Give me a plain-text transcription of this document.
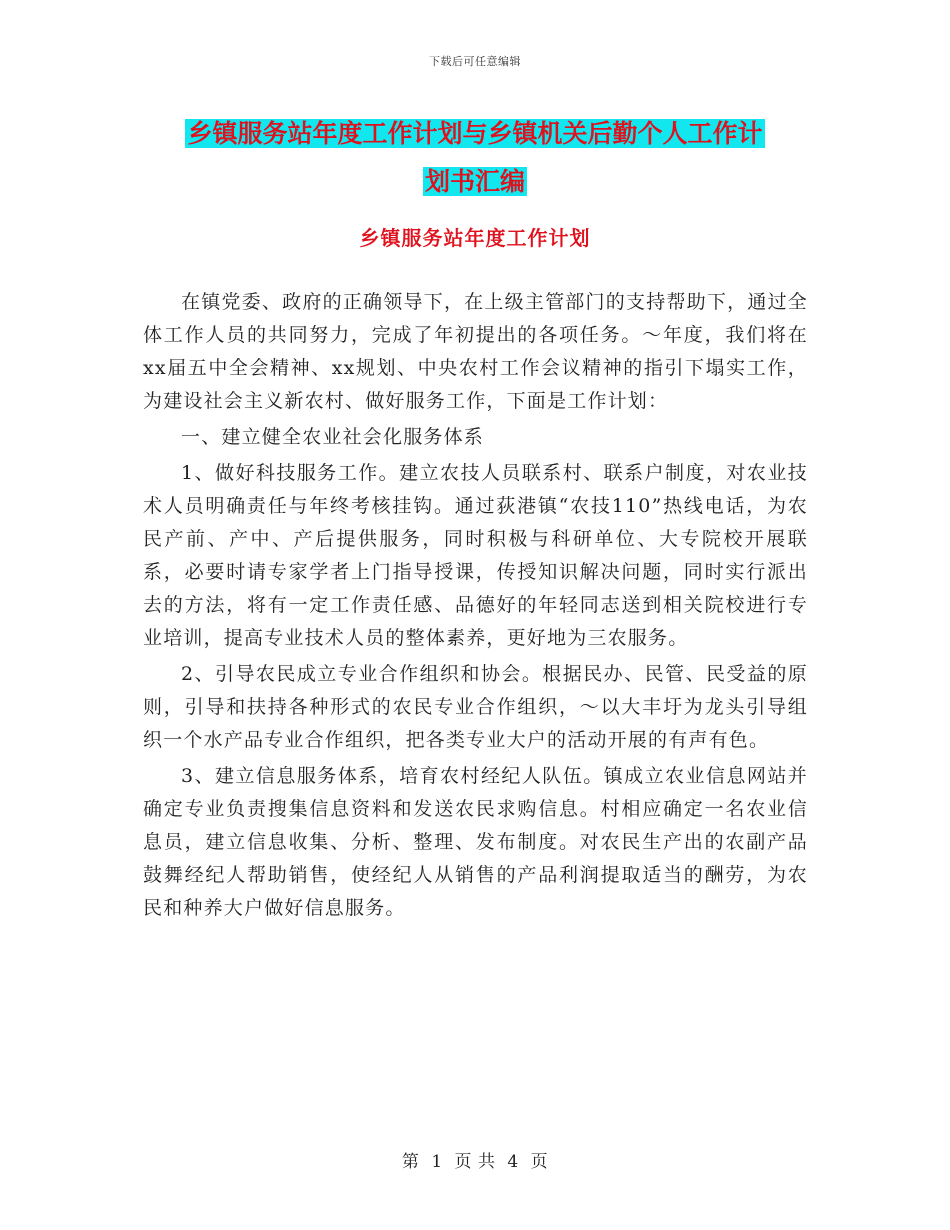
下载后可任意编辑
乡镇服务站年度工作计划与乡镇机关后勤个人工作计
划书汇编
乡镇服务站年度工作计划

在镇党委、政府的正确领导下，在上级主管部门的支持帮助下，通过全体工作人员的共同努力，完成了年初提出的各项任务。～年度，我们将在xx届五中全会精神、xx规划、中央农村工作会议精神的指引下塌实工作，为建设社会主义新农村、做好服务工作，下面是工作计划：

一、建立健全农业社会化服务体系

1、做好科技服务工作。建立农技人员联系村、联系户制度，对农业技术人员明确责任与年终考核挂钩。通过荻港镇“农技110”热线电话，为农民产前、产中、产后提供服务，同时积极与科研单位、大专院校开展联系，必要时请专家学者上门指导授课，传授知识解决问题，同时实行派出去的方法，将有一定工作责任感、品德好的年轻同志送到相关院校进行专业培训，提高专业技术人员的整体素养，更好地为三农服务。

2、引导农民成立专业合作组织和协会。根据民办、民管、民受益的原则，引导和扶持各种形式的农民专业合作组织，～以大丰圩为龙头引导组织一个水产品专业合作组织，把各类专业大户的活动开展的有声有色。

3、建立信息服务体系，培育农村经纪人队伍。镇成立农业信息网站并确定专业负责搜集信息资料和发送农民求购信息。村相应确定一名农业信息员，建立信息收集、分析、整理、发布制度。对农民生产出的农副产品鼓舞经纪人帮助销售，使经纪人从销售的产品利润提取适当的酬劳，为农民和种养大户做好信息服务。

第 1 页 共 4 页
